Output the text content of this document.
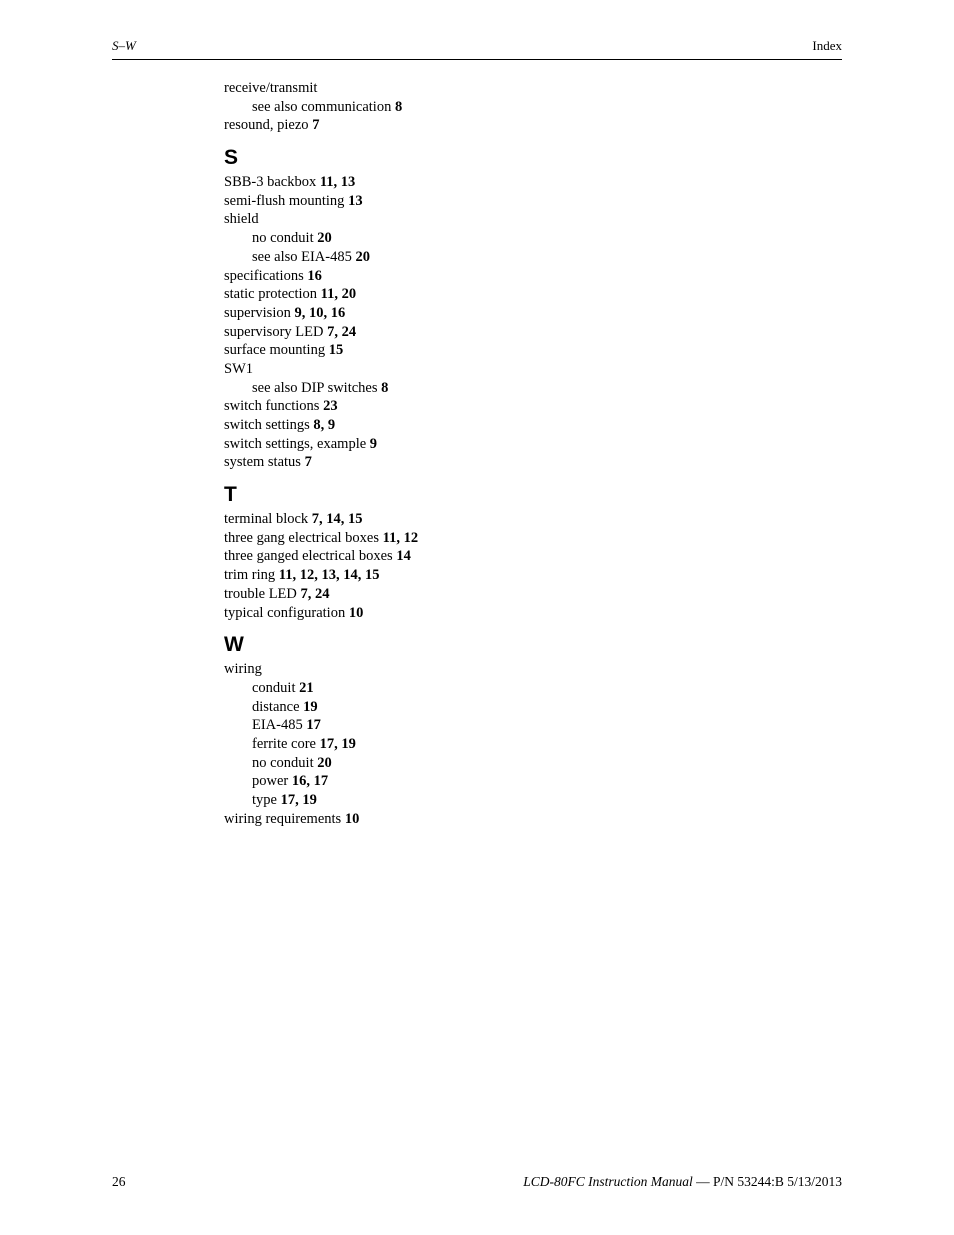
S–W	Index
receive/transmit
see also communication 8
resound, piezo 7
S
SBB-3 backbox 11, 13
semi-flush mounting 13
shield
no conduit 20
see also EIA-485 20
specifications 16
static protection 11, 20
supervision 9, 10, 16
supervisory LED 7, 24
surface mounting 15
SW1
see also DIP switches 8
switch functions 23
switch settings 8, 9
switch settings, example 9
system status 7
T
terminal block 7, 14, 15
three gang electrical boxes 11, 12
three ganged electrical boxes 14
trim ring 11, 12, 13, 14, 15
trouble LED 7, 24
typical configuration 10
W
wiring
conduit 21
distance 19
EIA-485 17
ferrite core 17, 19
no conduit 20
power 16, 17
type 17, 19
wiring requirements 10
26	LCD-80FC Instruction Manual — P/N 53244:B 5/13/2013
